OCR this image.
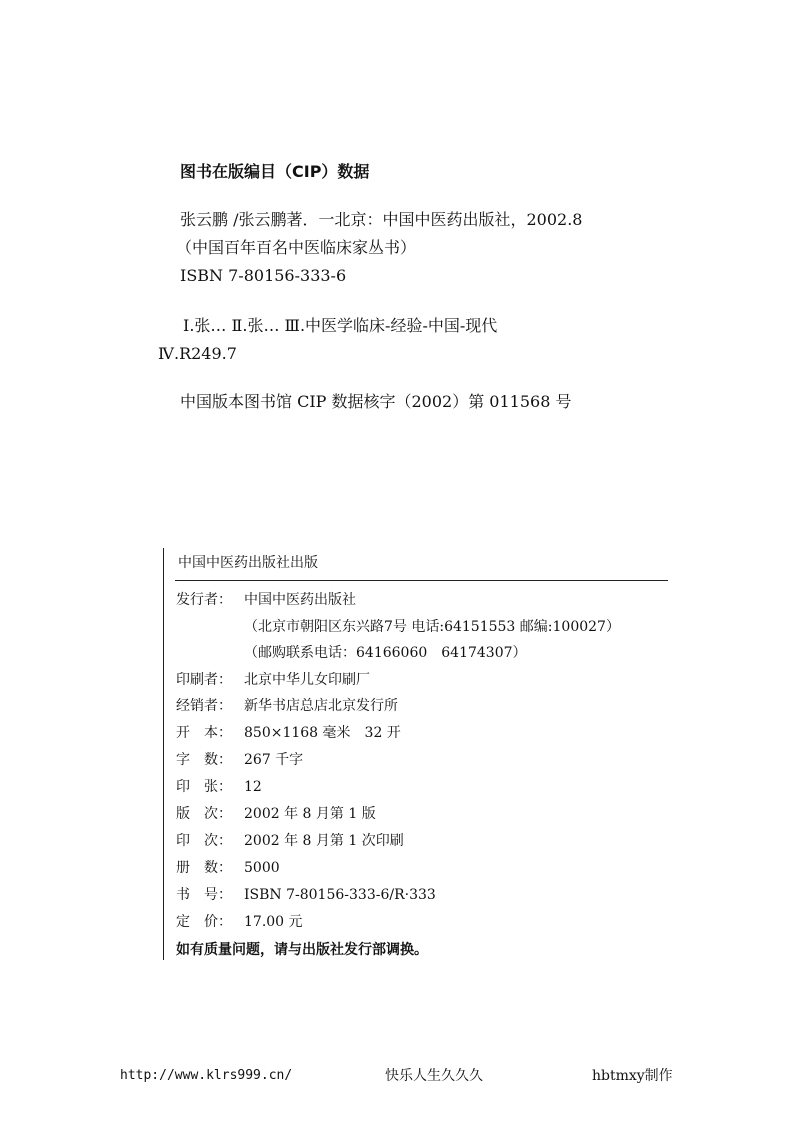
图书在版编目（CIP）数据
张云鹏 /张云鹏著．一北京：中国中医药出版社，2002.8
（中国百年百名中医临床家丛书）
ISBN 7-80156-333-6
Ⅰ.张… Ⅱ.张… Ⅲ.中医学临床-经验-中国-现代
Ⅳ.R249.7
中国版本图书馆 CIP 数据核字（2002）第 011568 号
中国中医药出版社出版
发行者： 中国中医药出版社
（北京市朝阳区东兴路7号 电话:64151553 邮编:100027）
（邮购联系电话：64166060　64174307）
印刷者： 北京中华儿女印刷厂
经销者： 新华书店总店北京发行所
开　本： 850×1168 毫米　32 开
字　数： 267 千字
印　张： 12
版　次： 2002 年 8 月第 1 版
印　次： 2002 年 8 月第 1 次印刷
册　数： 5000
书　号： ISBN 7-80156-333-6/R·333
定　价： 17.00 元
如有质量问题，请与出版社发行部调换。
http://www.klrs999.cn/	快乐人生久久久	hbtmxy制作
